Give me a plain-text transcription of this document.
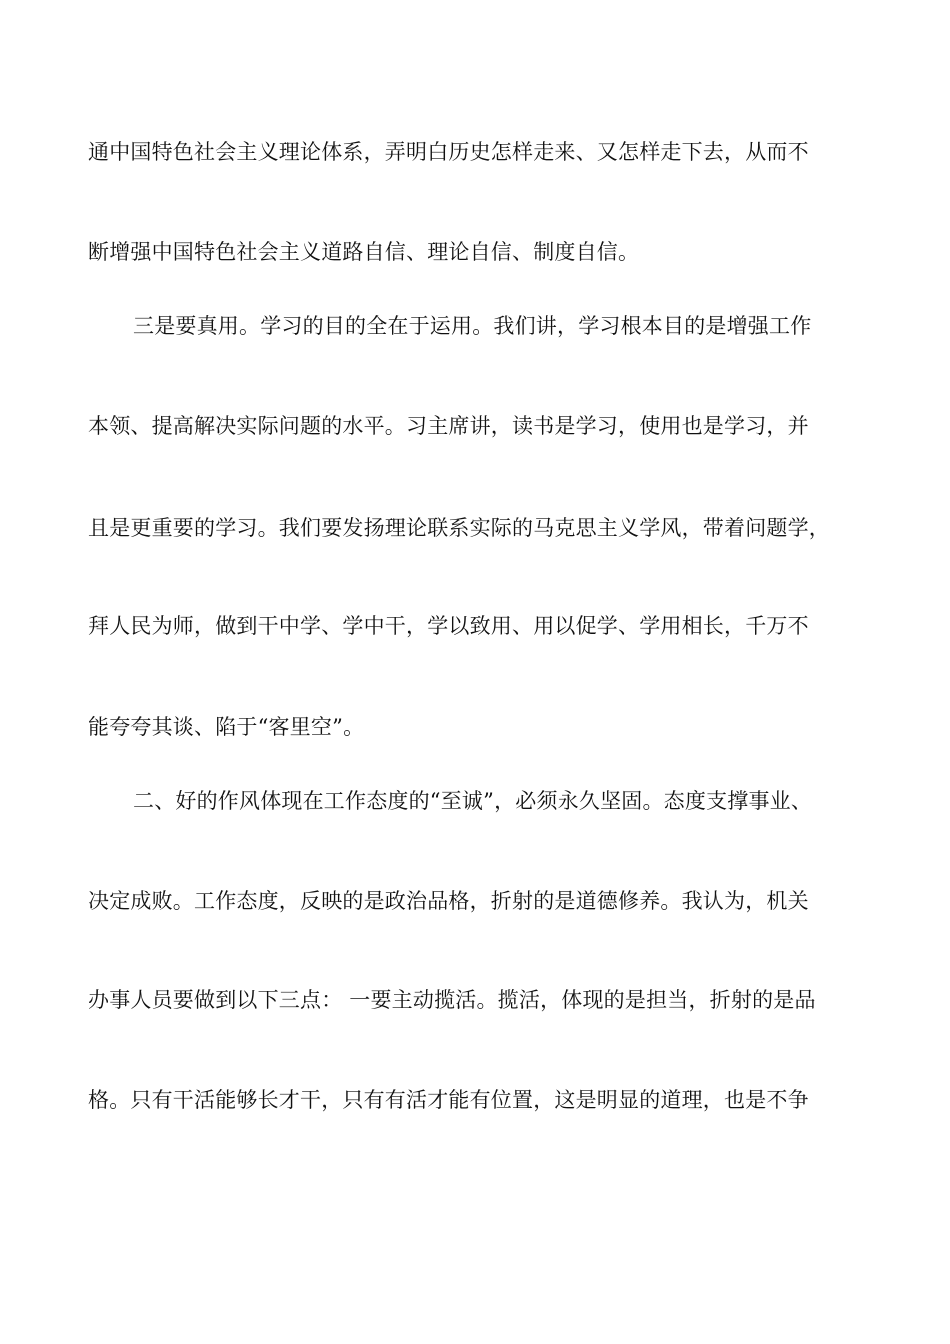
通中国特色社会主义理论体系，弄明白历史怎样走来、又怎样走下去，从而不
断增强中国特色社会主义道路自信、理论自信、制度自信。
三是要真用。学习的目的全在于运用。我们讲，学习根本目的是增强工作
本领、提高解决实际问题的水平。习主席讲，读书是学习，使用也是学习，并
且是更重要的学习。我们要发扬理论联系实际的马克思主义学风，带着问题学，
拜人民为师，做到干中学、学中干，学以致用、用以促学、学用相长，千万不
能夸夸其谈、陷于“客里空”。
二、好的作风体现在工作态度的“至诚”，必须永久坚固。态度支撑事业、
决定成败。工作态度，反映的是政治品格，折射的是道德修养。我认为，机关
办事人员要做到以下三点： 一要主动揽活。揽活，体现的是担当，折射的是品
格。只有干活能够长才干，只有有活才能有位置，这是明显的道理，也是不争
